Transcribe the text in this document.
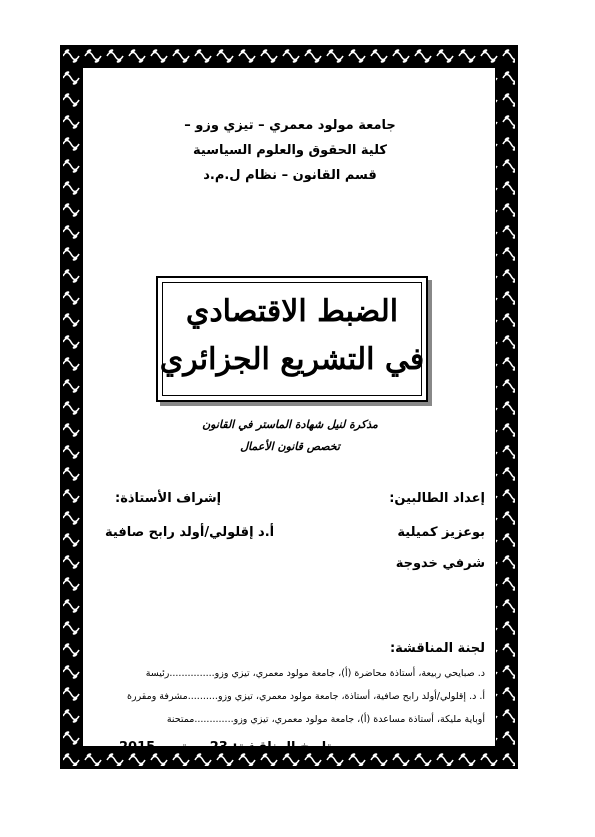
جامعة مولود معمري – تيزي وزو –
كلية الحقوق والعلوم السياسية
قسم القانون – نظام ل.م.د
الضبط الاقتصادي
في التشريع الجزائري
مذكرة لنيل شهادة الماستر في القانون
تخصص قانون الأعمال
إعداد الطالبين:
بوعزيز كميلية
شرفي خدوجة
إشراف الأستاذة:
أ.د إقلولي/أولد رابح صافية
لجنة المناقشة:
د. صبايحي ربيعة، أستاذة محاضرة (أ)، جامعة مولود معمري، تيزي وزو...............رئيسة
أ. د. إقلولي/أولد رابح صافية، أستاذة، جامعة مولود معمري، تيزي وزو..........مشرفة ومقررة
أوباية مليكة، أستاذة مساعدة (أ)، جامعة مولود معمري، تيزي وزو.............ممتحنة
تاريخ المناقشة: 23 سبتمبر 2015
